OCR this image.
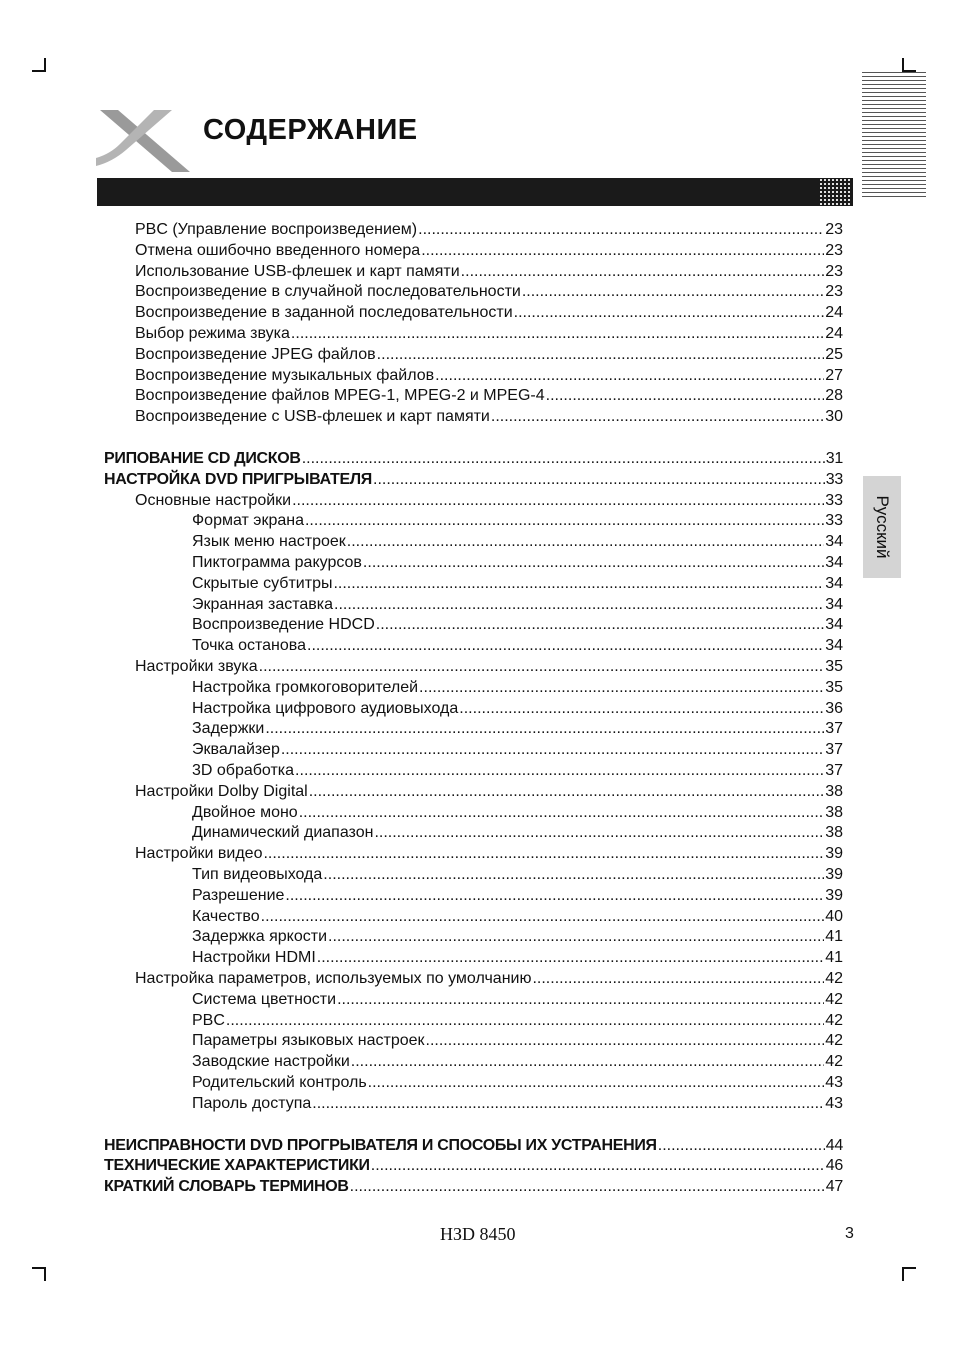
СОДЕРЖАНИЕ
Русский
PBC (Управление воспроизведением) .....	23
Отмена ошибочно введенного номера .....	23
Использование USB-флешек и карт памяти .....	23
Воспроизведение в случайной последовательности .....	23
Воспроизведение в заданной последовательности .....	24
Выбор режима звука .....	24
Воспроизведение JPEG файлов .....	25
Воспроизведение музыкальных файлов .....	27
Воспроизведение файлов MPEG-1, MPEG-2 и MPEG-4 .....	28
Воспроизведение с USB-флешек и карт памяти .....	30
РИПОВАНИЕ CD ДИСКОВ .....	31
НАСТРОЙКА DVD ПРИГРЫВАТЕЛЯ .....	33
Основные настройки .....	33
Формат экрана .....	33
Язык меню настроек .....	34
Пиктограмма ракурсов .....	34
Скрытые субтитры .....	34
Экранная заставка .....	34
Воспроизведение HDCD .....	34
Точка останова .....	34
Настройки звука .....	35
Настройка громкоговорителей .....	35
Настройка цифрового аудиовыхода .....	36
Задержки .....	37
Эквалайзер .....	37
3D обработка .....	37
Настройки Dolby Digital .....	38
Двойное моно .....	38
Динамический диапазон .....	38
Настройки видео .....	39
Тип видеовыхода .....	39
Разрешение .....	39
Качество .....	40
Задержка яркости .....	41
Настройки HDMI .....	41
Настройка параметров, используемых по умолчанию .....	42
Система цветности .....	42
PBC .....	42
Параметры языковых настроек .....	42
Заводские настройки .....	42
Родительский контроль .....	43
Пароль доступа .....	43
НЕИСПРАВНОСТИ DVD ПРОГРЫВАТЕЛЯ И СПОСОБЫ ИХ УСТРАНЕНИЯ .....	44
ТЕХНИЧЕСКИЕ ХАРАКТЕРИСТИКИ .....	46
КРАТКИЙ СЛОВАРЬ ТЕРМИНОВ .....	47
HЗD 8450	3
